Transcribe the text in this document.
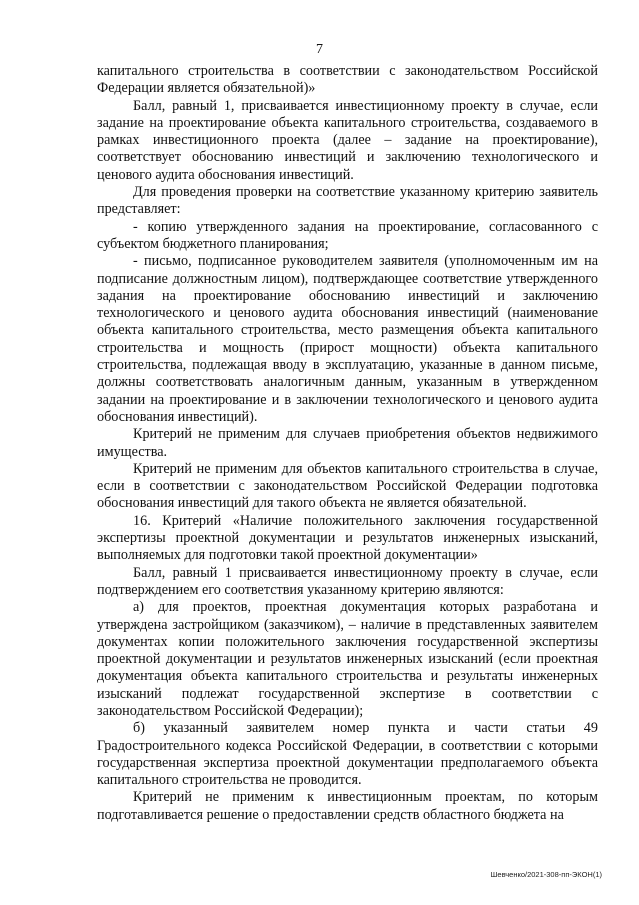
7

капитального строительства в соответствии с законодательством Российской Федерации является обязательной)»

Балл, равный 1, присваивается инвестиционному проекту в случае, если задание на проектирование объекта капитального строительства, создаваемого в рамках инвестиционного проекта (далее – задание на проектирование), соответствует обоснованию инвестиций и заключению технологического и ценового аудита обоснования инвестиций.

Для проведения проверки на соответствие указанному критерию заявитель представляет:

- копию утвержденного задания на проектирование, согласованного с субъектом бюджетного планирования;

- письмо, подписанное руководителем заявителя (уполномоченным им на подписание должностным лицом), подтверждающее соответствие утвержденного задания на проектирование обоснованию инвестиций и заключению технологического и ценового аудита обоснования инвестиций (наименование объекта капитального строительства, место размещения объекта капитального строительства и мощность (прирост мощности) объекта капитального строительства, подлежащая вводу в эксплуатацию, указанные в данном письме, должны соответствовать аналогичным данным, указанным в утвержденном задании на проектирование и в заключении технологического и ценового аудита обоснования инвестиций).

Критерий не применим для случаев приобретения объектов недвижимого имущества.

Критерий не применим для объектов капитального строительства в случае, если в соответствии с законодательством Российской Федерации подготовка обоснования инвестиций для такого объекта не является обязательной.

16. Критерий «Наличие положительного заключения государственной экспертизы проектной документации и результатов инженерных изысканий, выполняемых для подготовки такой проектной документации»

Балл, равный 1 присваивается инвестиционному проекту в случае, если подтверждением его соответствия указанному критерию являются:

а) для проектов, проектная документация которых разработана и утверждена застройщиком (заказчиком), – наличие в представленных заявителем документах копии положительного заключения государственной экспертизы проектной документации и результатов инженерных изысканий (если проектная документация объекта капитального строительства и результаты инженерных изысканий подлежат государственной экспертизе в соответствии с законодательством Российской Федерации);

б) указанный заявителем номер пункта и части статьи 49 Градостроительного кодекса Российской Федерации, в соответствии с которыми государственная экспертиза проектной документации предполагаемого объекта капитального строительства не проводится.

Критерий не применим к инвестиционным проектам, по которым подготавливается решение о предоставлении средств областного бюджета на

Шевченко/2021-308-пп-ЭКОН(1)
